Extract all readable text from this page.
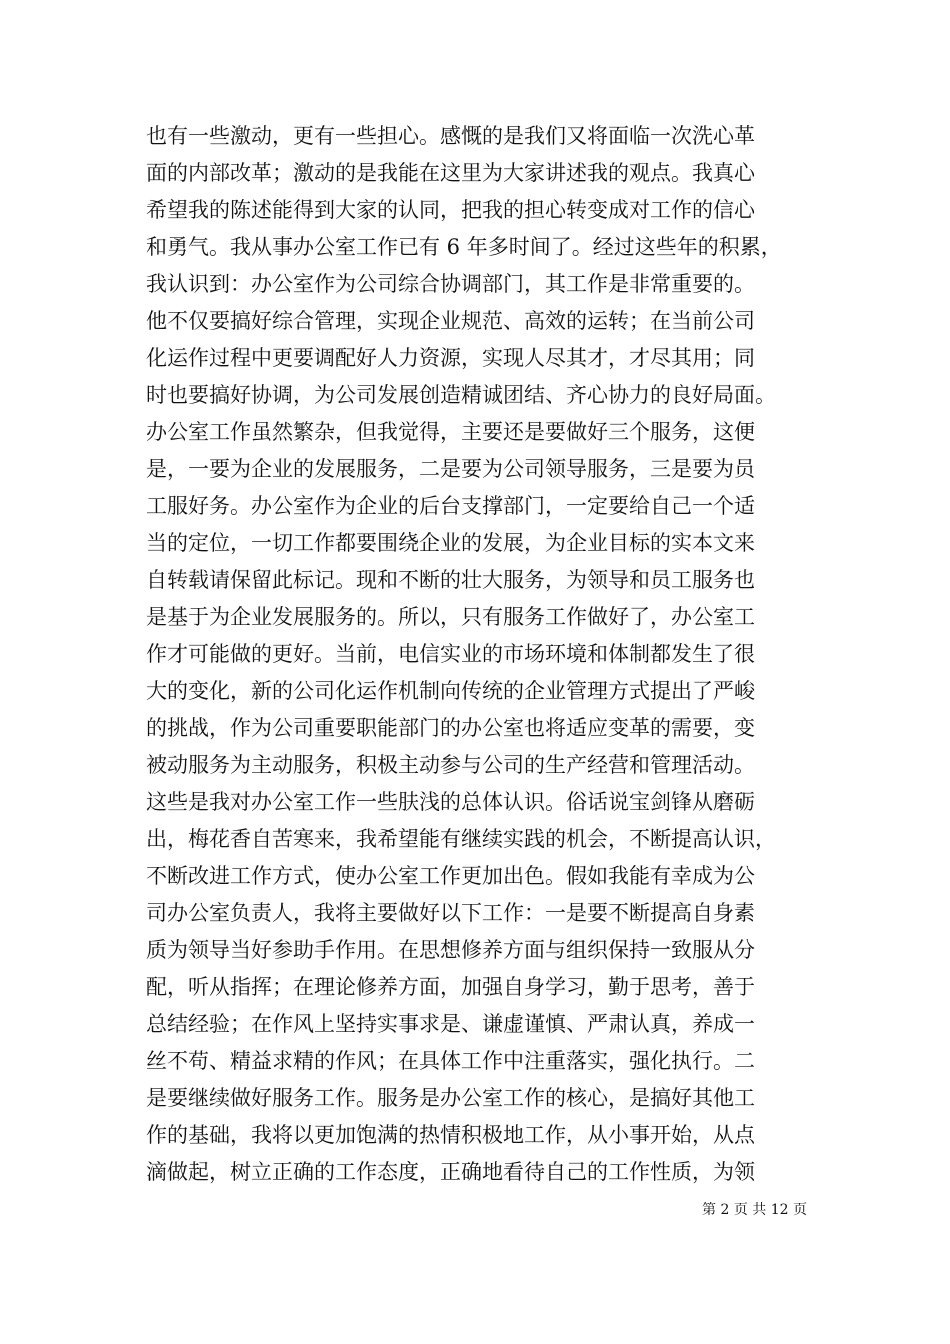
也有一些激动，更有一些担心。感慨的是我们又将面临一次洗心革
面的内部改革；激动的是我能在这里为大家讲述我的观点。我真心
希望我的陈述能得到大家的认同，把我的担心转变成对工作的信心
和勇气。我从事办公室工作已有 6 年多时间了。经过这些年的积累，
我认识到：办公室作为公司综合协调部门，其工作是非常重要的。
他不仅要搞好综合管理，实现企业规范、高效的运转；在当前公司
化运作过程中更要调配好人力资源，实现人尽其才，才尽其用；同
时也要搞好协调，为公司发展创造精诚团结、齐心协力的良好局面。
办公室工作虽然繁杂，但我觉得，主要还是要做好三个服务，这便
是，一要为企业的发展服务，二是要为公司领导服务，三是要为员
工服好务。办公室作为企业的后台支撑部门，一定要给自己一个适
当的定位，一切工作都要围绕企业的发展，为企业目标的实本文来
自转载请保留此标记。现和不断的壮大服务，为领导和员工服务也
是基于为企业发展服务的。所以，只有服务工作做好了，办公室工
作才可能做的更好。当前，电信实业的市场环境和体制都发生了很
大的变化，新的公司化运作机制向传统的企业管理方式提出了严峻
的挑战，作为公司重要职能部门的办公室也将适应变革的需要，变
被动服务为主动服务，积极主动参与公司的生产经营和管理活动。
这些是我对办公室工作一些肤浅的总体认识。俗话说宝剑锋从磨砺
出，梅花香自苦寒来，我希望能有继续实践的机会，不断提高认识，
不断改进工作方式，使办公室工作更加出色。假如我能有幸成为公
司办公室负责人，我将主要做好以下工作：一是要不断提高自身素
质为领导当好参助手作用。在思想修养方面与组织保持一致服从分
配，听从指挥；在理论修养方面，加强自身学习，勤于思考，善于
总结经验；在作风上坚持实事求是、谦虚谨慎、严肃认真，养成一
丝不苟、精益求精的作风；在具体工作中注重落实，强化执行。二
是要继续做好服务工作。服务是办公室工作的核心，是搞好其他工
作的基础，我将以更加饱满的热情积极地工作，从小事开始，从点
滴做起，树立正确的工作态度，正确地看待自己的工作性质，为领
第 2 页 共 12 页
